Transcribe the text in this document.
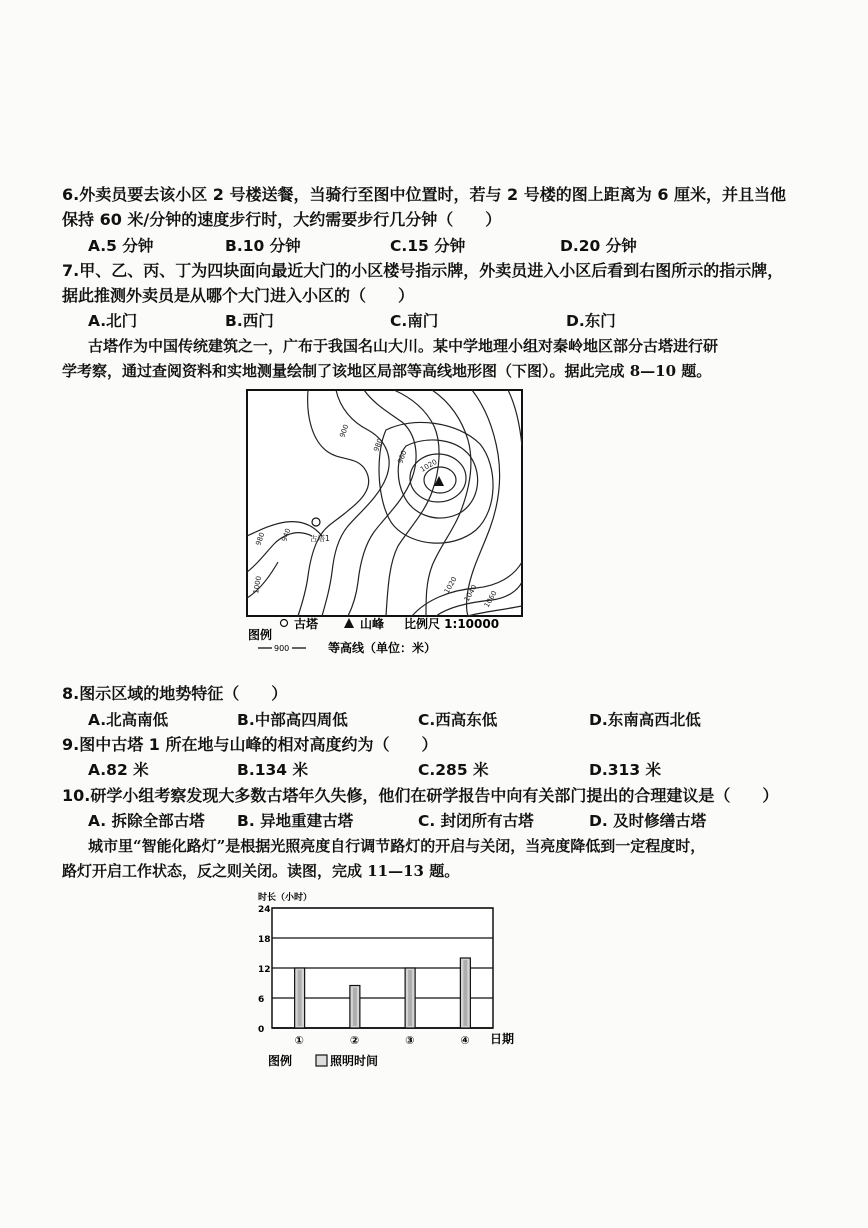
6.外卖员要去该小区 2 号楼送餐，当骑行至图中位置时，若与 2 号楼的图上距离为 6 厘米，并且当他
保持 60 米/分钟的速度步行时，大约需要步行几分钟（　　）
A.5 分钟	B.10 分钟	C.15 分钟	D.20 分钟
7.甲、乙、丙、丁为四块面向最近大门的小区楼号指示牌，外卖员进入小区后看到右图所示的指示牌，
据此推测外卖员是从哪个大门进入小区的（　　）
A.北门	B.西门	C.南门	D.东门
古塔作为中国传统建筑之一，广布于我国名山大川。某中学地理小组对秦岭地区部分古塔进行研
学考察，通过查阅资料和实地测量绘制了该地区局部等高线地形图（下图）。据此完成 8—10 题。
900
980
1020
960
940
980
1000	1020 1040 1060
古塔1
古塔	山峰 比例尺 1:10000
图例
900	等高线（单位：米）
8.图示区域的地势特征（　　）
A.北高南低	B.中部高四周低	C.西高东低	D.东南高西北低
9.图中古塔 1 所在地与山峰的相对高度约为（　　）
A.82 米	B.134 米	C.285 米	D.313 米
10.研学小组考察发现大多数古塔年久失修，他们在研学报告中向有关部门提出的合理建议是（　　）
A. 拆除全部古塔 B. 异地重建古塔	C. 封闭所有古塔	D. 及时修缮古塔
城市里“智能化路灯”是根据光照亮度自行调节路灯的开启与关闭，当亮度降低到一定程度时，
路灯开启工作状态，反之则关闭。读图，完成 11—13 题。
时长（小时）
日期
图例	照明时间
0
6
12
18
24
①	②	③	④
